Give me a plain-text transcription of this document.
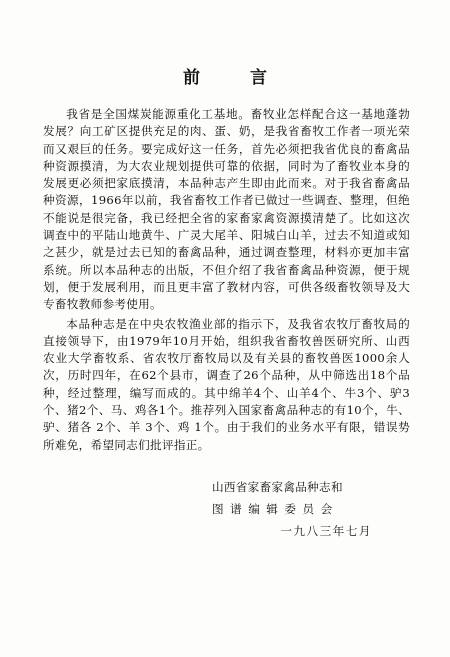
前 言

我省是全国煤炭能源重化工基地。畜牧业怎样配合这一基地蓬勃发展？向工矿区提供充足的肉、蛋、奶，是我省畜牧工作者一项光荣而又艰巨的任务。要完成好这一任务，首先必须把我省优良的畜禽品种资源摸清，为大农业规划提供可靠的依据，同时为了畜牧业本身的发展更必须把家底摸清，本品种志产生即由此而来。对于我省畜禽品种资源，1966年以前，我省畜牧工作者已做过一些调查、整理，但绝不能说是很完备，我已经把全省的家畜家禽资源摸清楚了。比如这次调查中的平陆山地黄牛、广灵大尾羊、阳城白山羊，过去不知道或知之甚少，就是过去已知的畜禽品种，通过调查整理，材料亦更加丰富系统。所以本品种志的出版，不但介绍了我省畜禽品种资源，便于规划，便于发展利用，而且更丰富了教材内容，可供各级畜牧领导及大专畜牧教师参考使用。

本品种志是在中央农牧渔业部的指示下，及我省农牧厅畜牧局的直接领导下，由1979年10月开始，组织我省畜牧兽医研究所、山西农业大学畜牧系、省农牧厅畜牧局以及有关县的畜牧兽医1000余人次，历时四年，在62个县市，调查了26个品种，从中筛选出18个品种，经过整理，编写而成的。其中绵羊4个、山羊4个、牛3个、驴3个、猪2个、马、鸡各1个。推荐列入国家畜禽品种志的有10个，牛、驴、猪各 2个、羊 3个、鸡 1个。由于我们的业务水平有限，错误势所难免，希望同志们批评指正。

山西省家畜家禽品种志和
图谱编辑委员会
一九八三年七月
